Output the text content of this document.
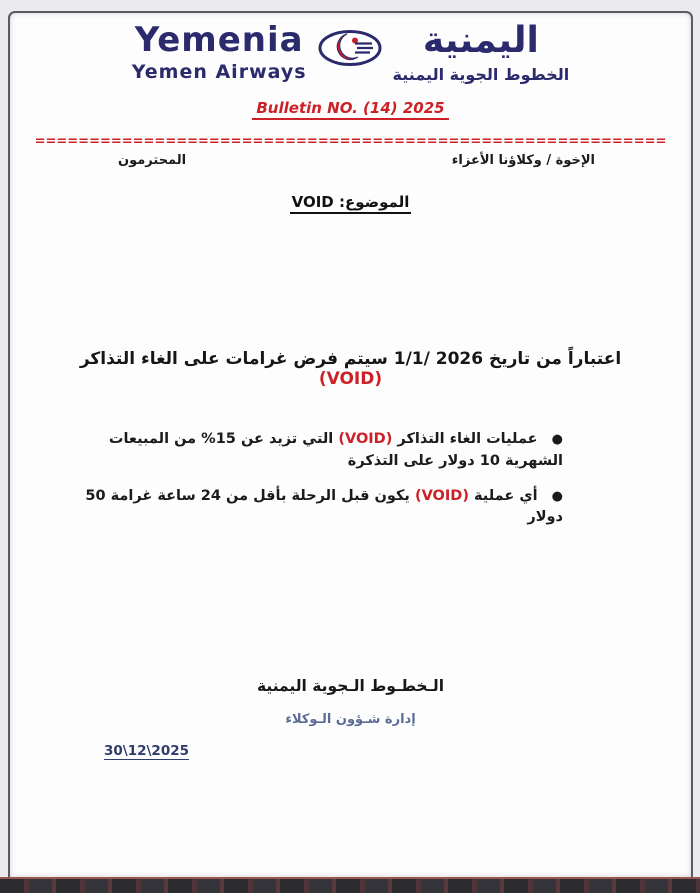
Yemenia
Yemen Airways
اليمنية
الخطوط الجوية اليمنية
Bulletin NO. (14) 2025
==========================================================
الإخوة / وكلاؤنا الأعزاء
المحترمون
الموضوع: VOID
اعتباراً من تاريخ 1/1/ 2026 سيتم فرض غرامات على الغاء التذاكر (VOID)
● عمليات الغاء التذاكر (VOID) التي تزيد عن 15% من المبيعات الشهرية 10 دولار على التذكرة
● أي عملية (VOID) يكون قبل الرحلة بأقل من 24 ساعة غرامة 50 دولار
الـخطـوط الـجوية اليمنية
إدارة شـؤون الـوكلاء
30\12\2025
